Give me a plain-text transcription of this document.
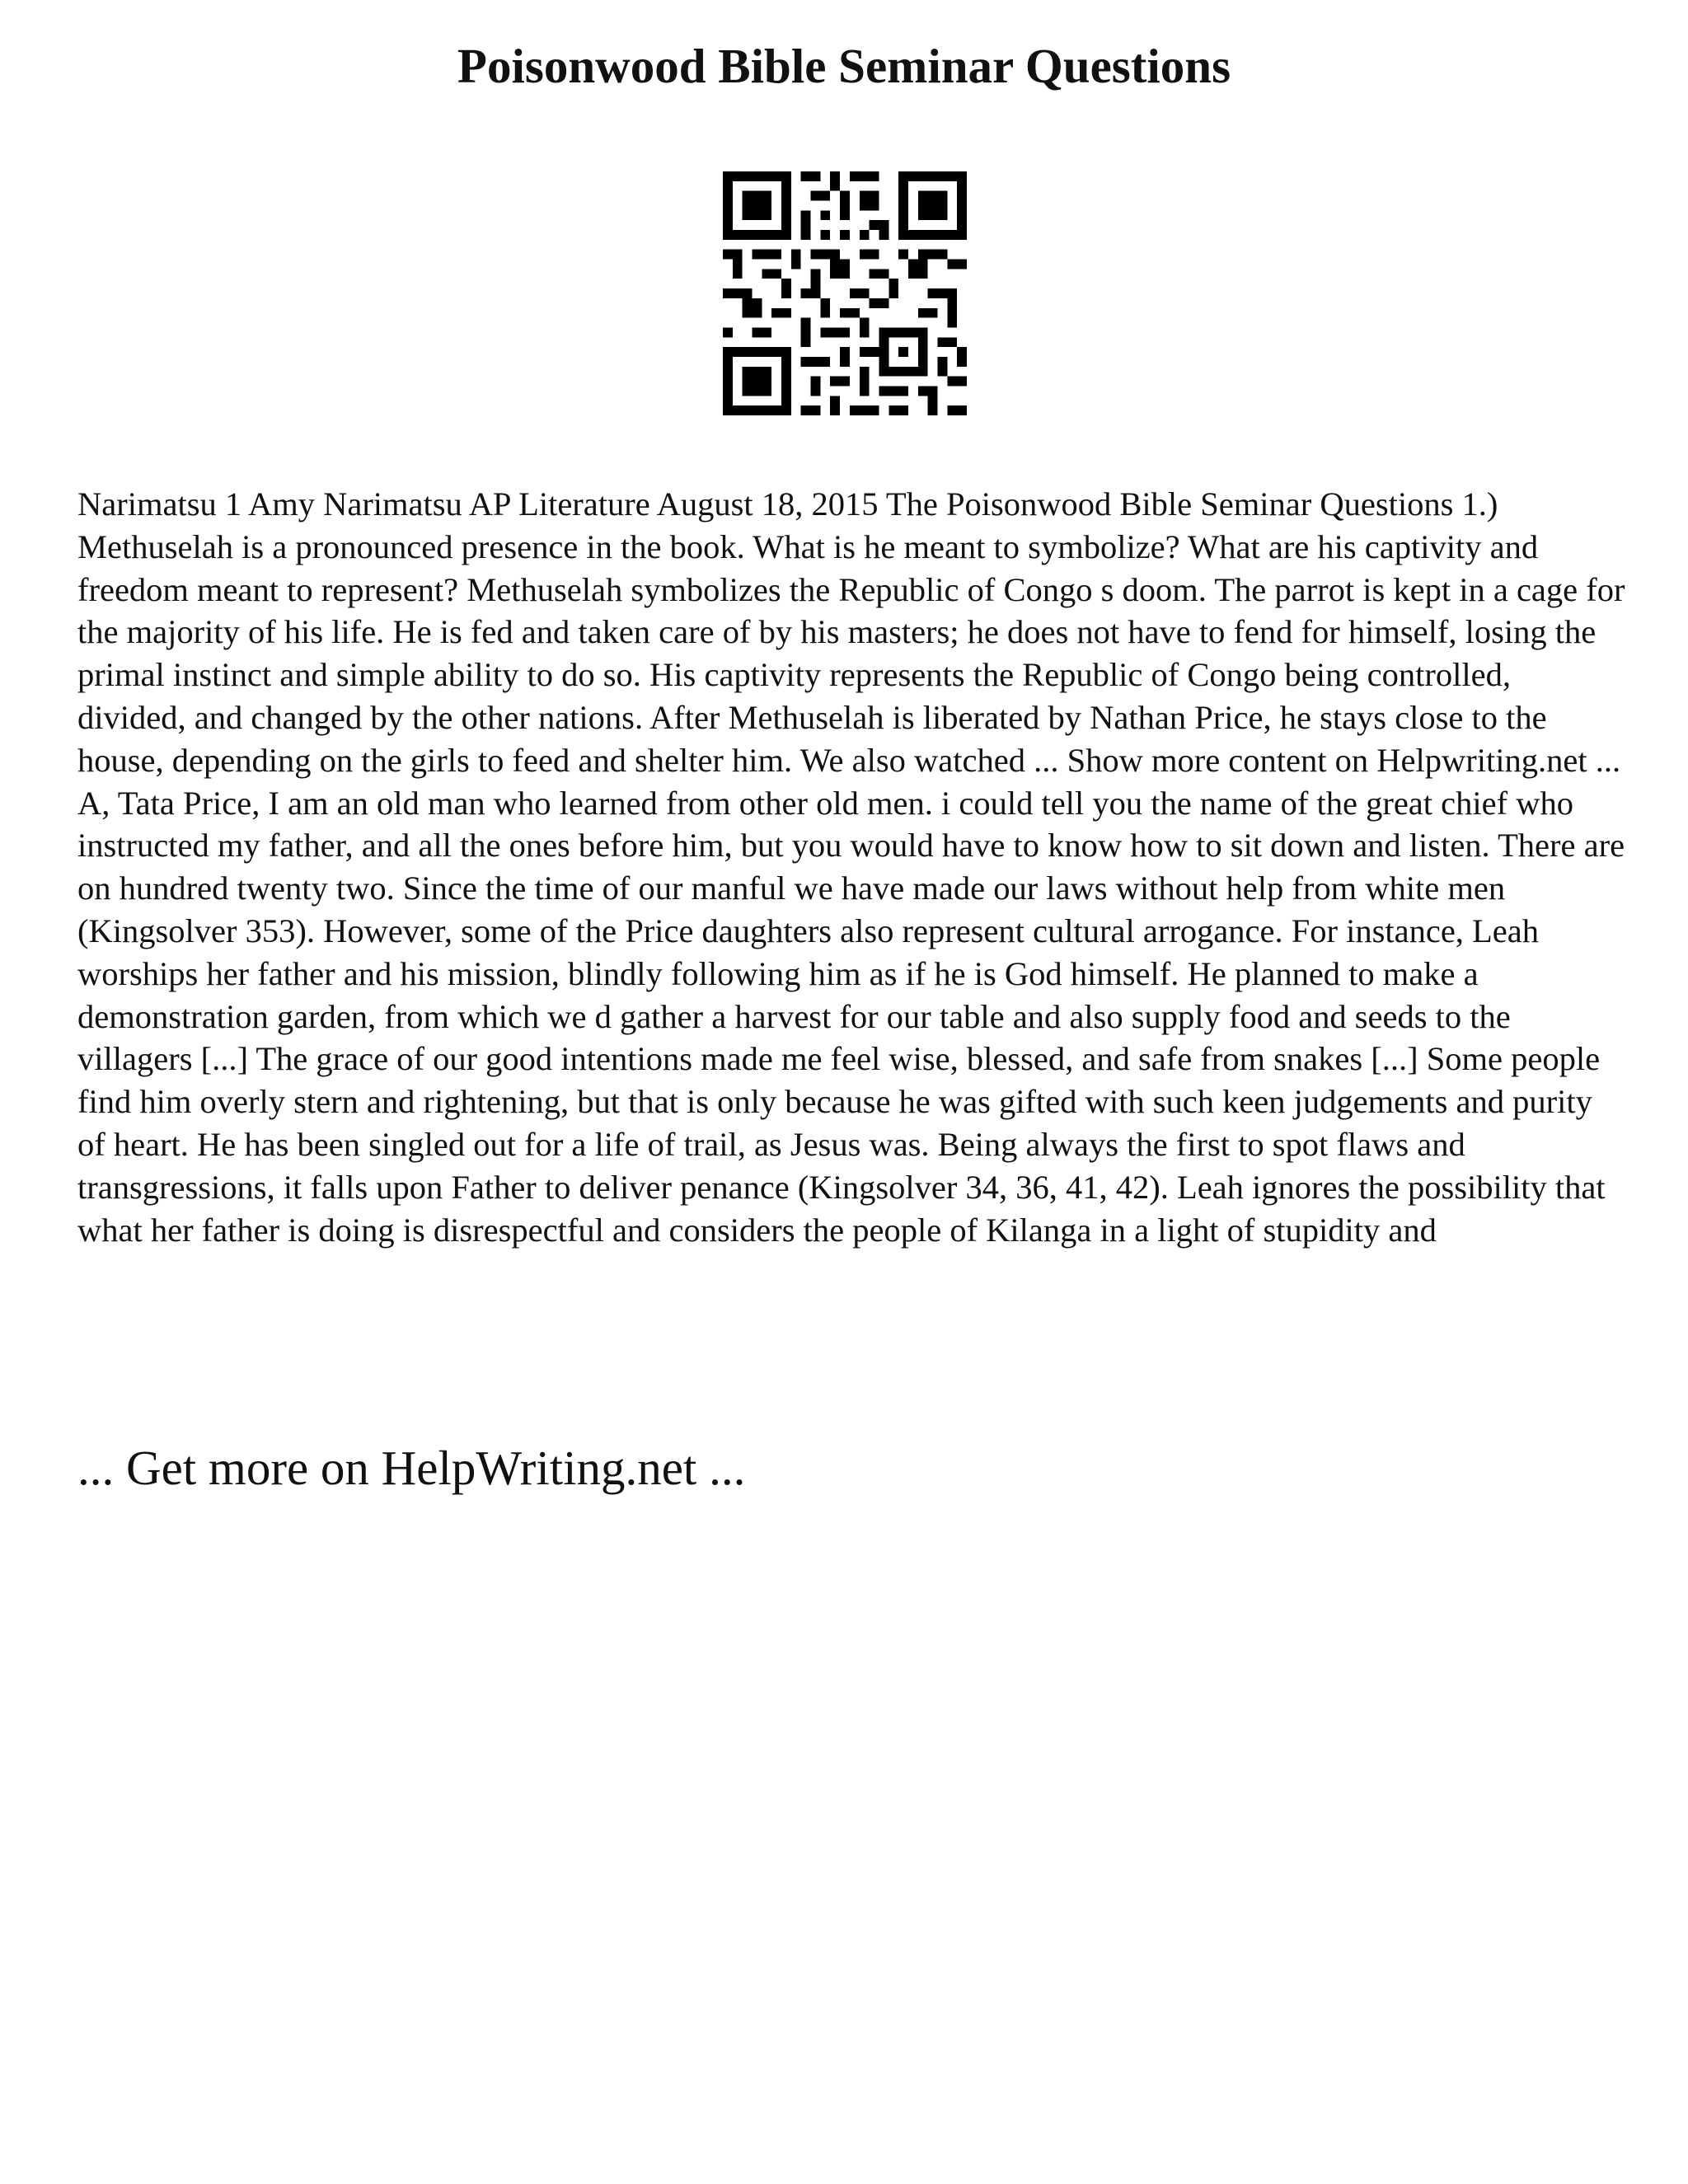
Poisonwood Bible Seminar Questions

Narimatsu 1 Amy Narimatsu AP Literature August 18, 2015 The Poisonwood Bible Seminar Questions 1.) Methuselah is a pronounced presence in the book. What is he meant to symbolize? What are his captivity and freedom meant to represent? Methuselah symbolizes the Republic of Congo s doom. The parrot is kept in a cage for the majority of his life. He is fed and taken care of by his masters; he does not have to fend for himself, losing the primal instinct and simple ability to do so. His captivity represents the Republic of Congo being controlled, divided, and changed by the other nations. After Methuselah is liberated by Nathan Price, he stays close to the house, depending on the girls to feed and shelter him. We also watched ... Show more content on Helpwriting.net ...

A, Tata Price, I am an old man who learned from other old men. i could tell you the name of the great chief who instructed my father, and all the ones before him, but you would have to know how to sit down and listen. There are on hundred twenty two. Since the time of our manful we have made our laws without help from white men (Kingsolver 353). However, some of the Price daughters also represent cultural arrogance. For instance, Leah worships her father and his mission, blindly following him as if he is God himself. He planned to make a demonstration garden, from which we d gather a harvest for our table and also supply food and seeds to the villagers [...] The grace of our good intentions made me feel wise, blessed, and safe from snakes [...] Some people find him overly stern and rightening, but that is only because he was gifted with such keen judgements and purity of heart. He has been singled out for a life of trail, as Jesus was. Being always the first to spot flaws and transgressions, it falls upon Father to deliver penance (Kingsolver 34, 36, 41, 42). Leah ignores the possibility that what her father is doing is disrespectful and considers the people of Kilanga in a light of stupidity and

... Get more on HelpWriting.net ...
